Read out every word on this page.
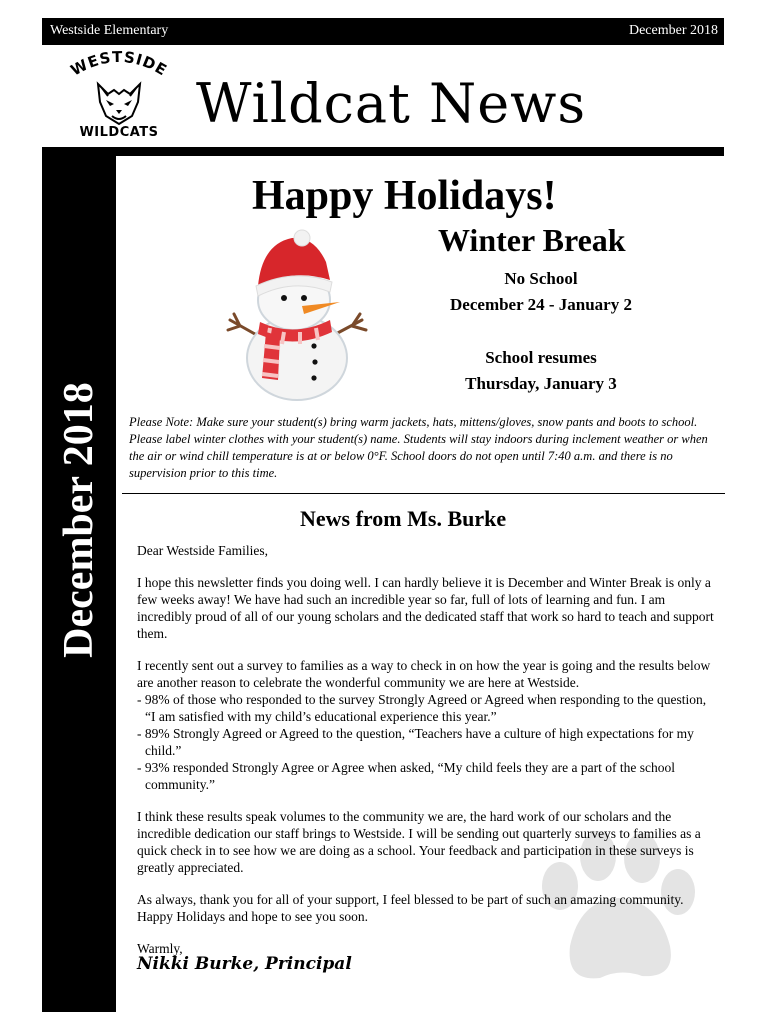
Westside Elementary	December 2018
WESTSIDE
WILDCATS Wildcat News
December 2018
Happy Holidays!
Winter Break
No School
December 24 - January 2
School resumes
Thursday, January 3
Please Note: Make sure your student(s) bring warm jackets, hats, mittens/gloves, snow pants and boots to school. Please label winter clothes with your student(s) name. Students will stay indoors during inclement weather or when the air or wind chill temperature is at or below 0°F. School doors do not open until 7:40 a.m. and there is no supervision prior to this time.
News from Ms. Burke

Dear Westside Families,

I hope this newsletter finds you doing well. I can hardly believe it is December and Winter Break is only a few weeks away! We have had such an incredible year so far, full of lots of learning and fun. I am incredibly proud of all of our young scholars and the dedicated staff that work so hard to teach and support them.

I recently sent out a survey to families as a way to check in on how the year is going and the results below are another reason to celebrate the wonderful community we are here at Westside.

- 98% of those who responded to the survey Strongly Agreed or Agreed when responding to the question, “I am satisfied with my child’s educational experience this year.”
- 89% Strongly Agreed or Agreed to the question, “Teachers have a culture of high expectations for my child.”
- 93% responded Strongly Agree or Agree when asked, “My child feels they are a part of the school community.”

I think these results speak volumes to the community we are, the hard work of our scholars and the incredible dedication our staff brings to Westside. I will be sending out quarterly surveys to families as a quick check in to see how we are doing as a school. Your feedback and participation in these surveys is greatly appreciated.

As always, thank you for all of your support, I feel blessed to be part of such an amazing community. Happy Holidays and hope to see you soon.

Warmly,

Nikki Burke, Principal
